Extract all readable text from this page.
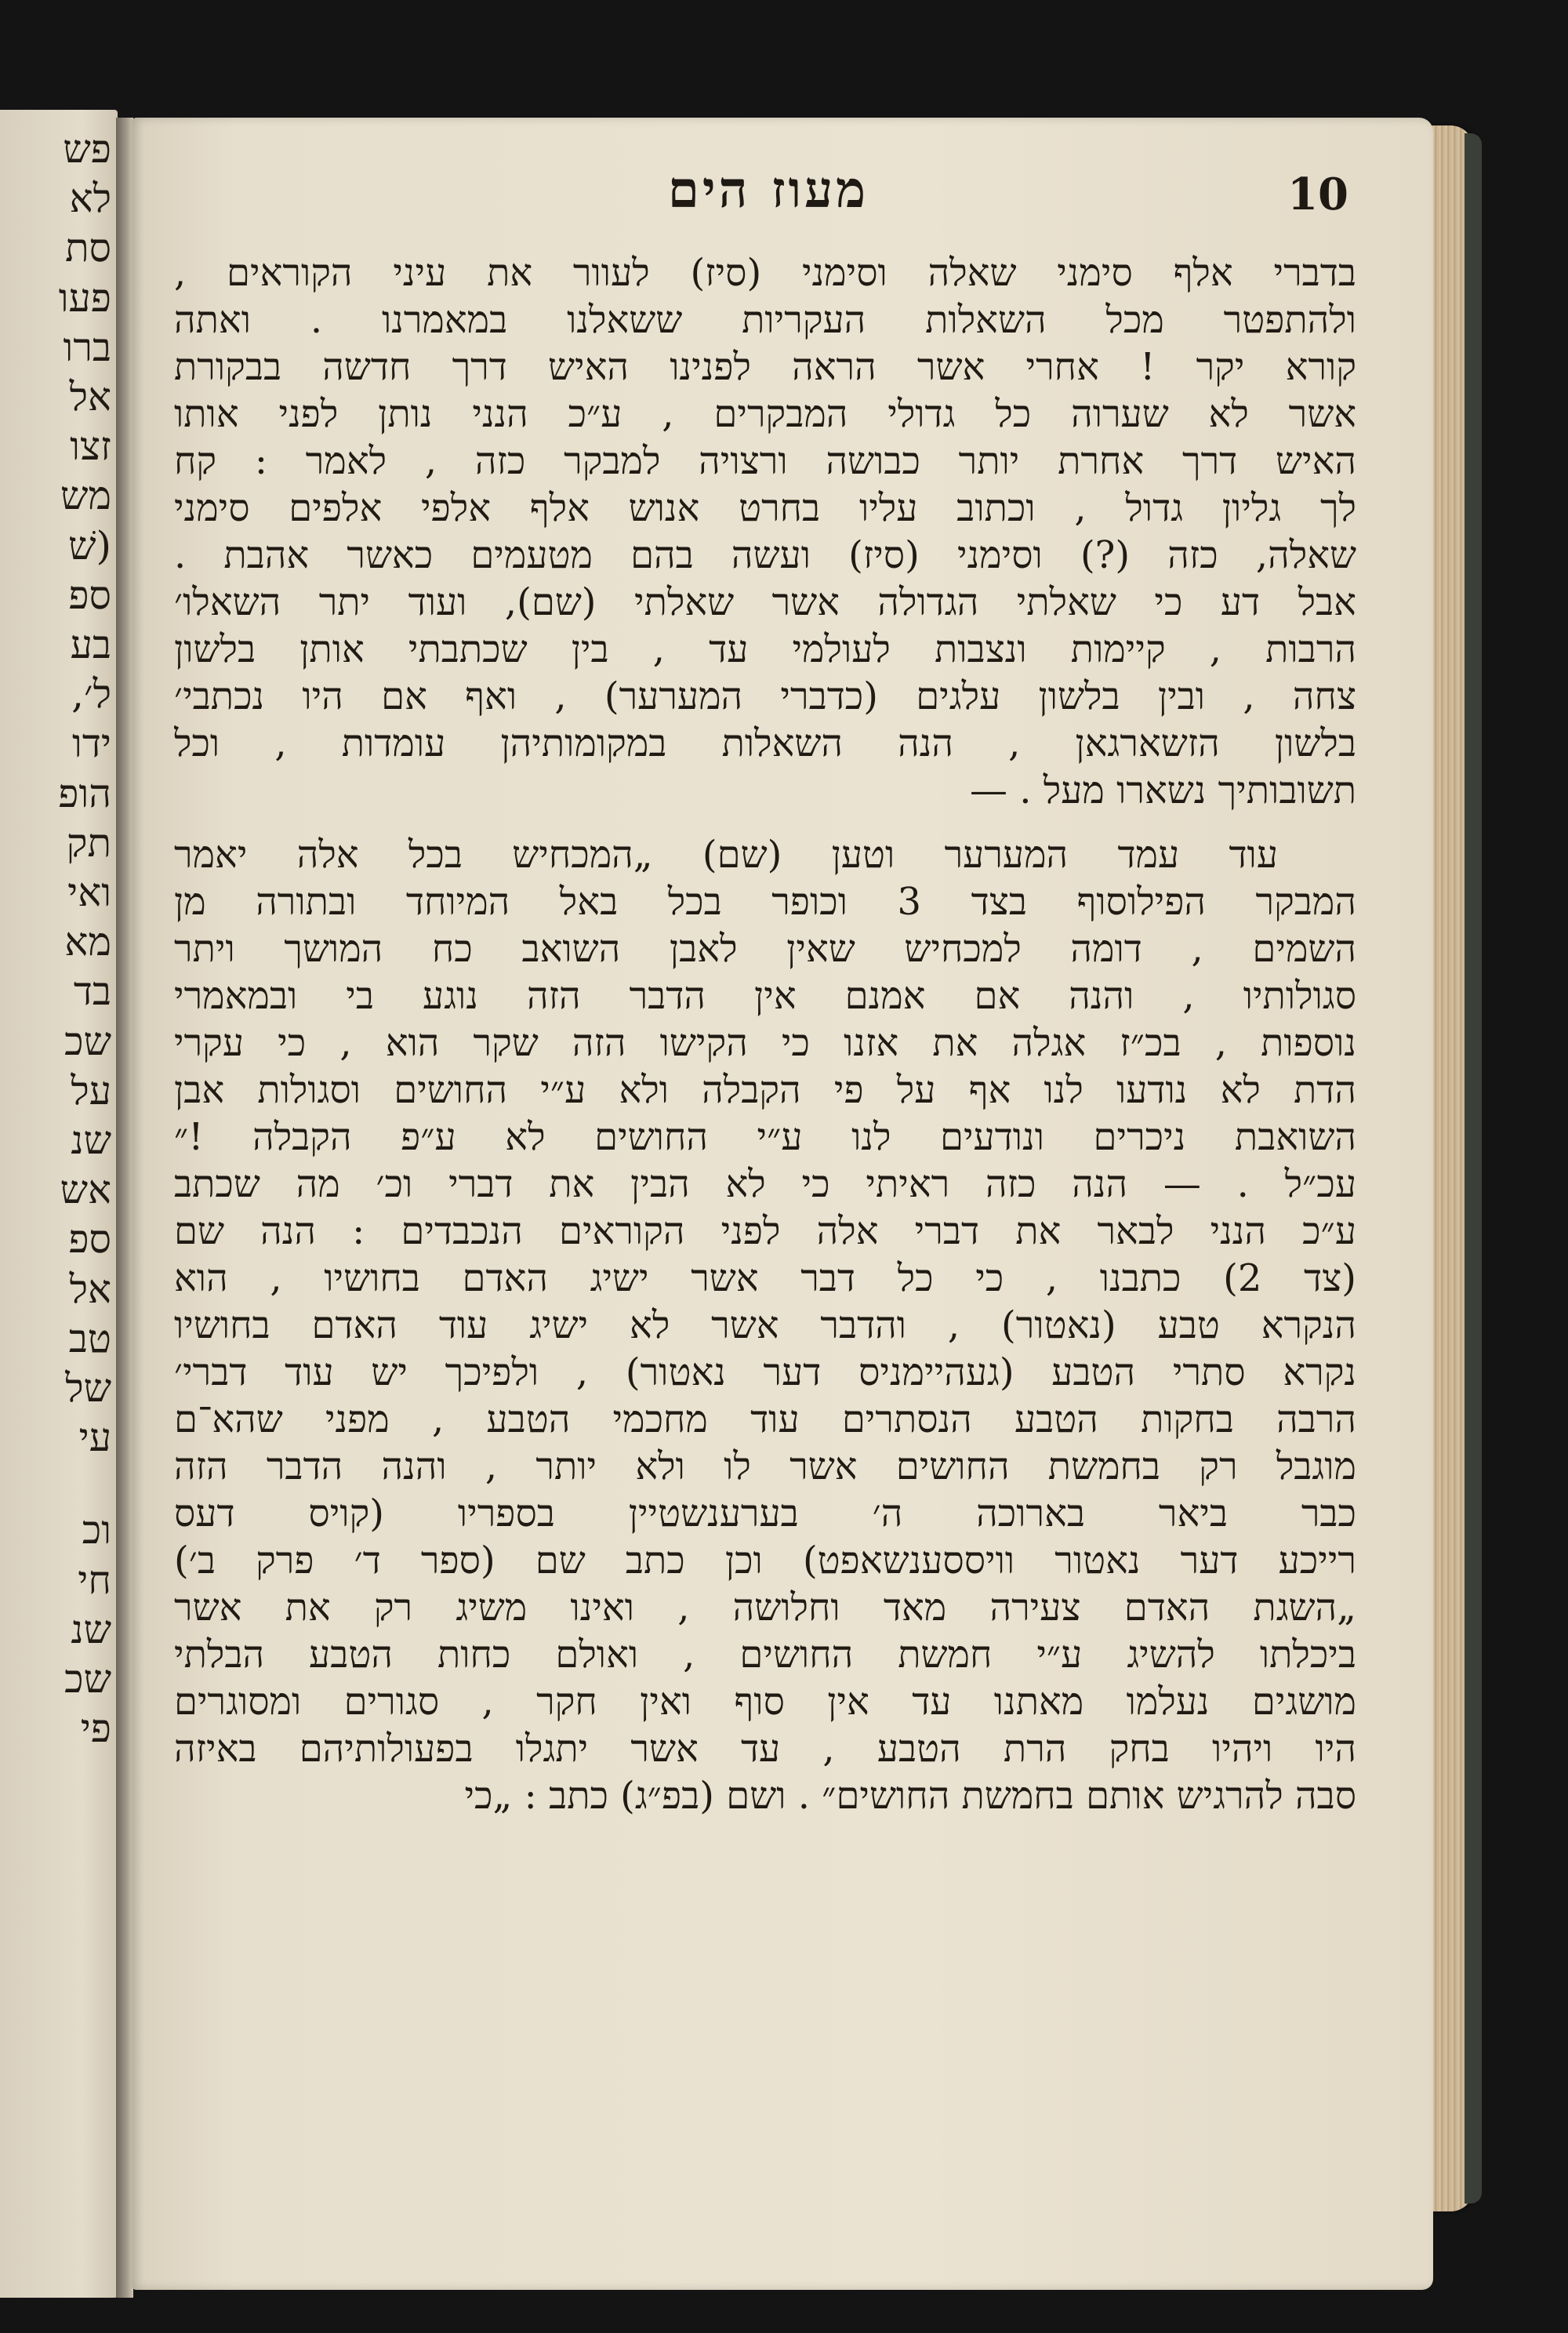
פש
לא
סת
פעו
ברו
אל
זצו
מש
(שׁ
ספ
בע
ל׳,
ידו
הופ
תק
ואי
מא
בד
שכ
על
שנ
אש
ספ
אל
טב
של
עי
וכ
חי
שנ
שכ
פי
מעוז הים	10
בדברי אלף סימני שאלה וסימני (סיז) לעוור את עיני הקוראים ,
ולהתפטר מכל השאלות העקריות ששאלנו במאמרנו . ואתה
קורא יקר ! אחרי אשר הראה לפנינו האיש דרך חדשה בבקורת
אשר לא שערוה כל גדולי המבקרים , ע״כ הנני נותן לפני אותו
האיש דרך אחרת יותר כבושה ורצויה למבקר כזה , לאמר : קח
לך גליון גדול , וכתוב עליו בחרט אנוש אלף אלפי אלפים סימני
שאלה, כזה (?) וסימני (סיז) ועשה בהם מטעמים כאשר אהבת .
אבל דע כי שאלתי הגדולה אשר שאלתי (שם), ועוד יתר השאלו׳
הרבות , קיימות ונצבות לעולמי עד , בין שכתבתי אותן בלשון
צחה , ובין בלשון עלגים (כדברי המערער) , ואף אם היו נכתבי׳
בלשון הזשארגאן , הנה השאלות במקומותיהן עומדות , וכל
תשובותיך נשארו מעל . —
עוד עמד המערער וטען (שם) „המכחיש בכל אלה יאמר
המבקר הפילוסוף בצד 3 וכופר בכל באל המיוחד ובתורה מן
השמים , דומה למכחיש שאין לאבן השואב כח המושך ויתר
סגולותיו , והנה אם אמנם אין הדבר הזה נוגע בי ובמאמרי
נוספות , בכ״ז אגלה את אזנו כי הקישו הזה שקר הוא , כי עקרי
הדת לא נודעו לנו אף על פי הקבלה ולא ע״י החושים וסגולות אבן
השואבת ניכרים ונודעים לנו ע״י החושים לא ע״פ הקבלה !״
עכ״ל . — הנה כזה ראיתי כי לא הבין את דברי וכ׳ מה שכתב
ע״כ הנני לבאר את דברי אלה לפני הקוראים הנכבדים : הנה שם
(צד 2) כתבנו , כי כל דבר אשר ישיג האדם בחושיו , הוא
הנקרא טבע (נאטור) , והדבר אשר לא ישיג עוד האדם בחושיו
נקרא סתרי הטבע (געהיימניס דער נאטור) , ולפיכך יש עוד דברי׳
הרבה בחקות הטבע הנסתרים עוד מחכמי הטבע , מפני שהא־ם
מוגבל רק בחמשת החושים אשר לו ולא יותר , והנה הדבר הזה
כבר ביאר בארוכה ה׳ בערענשטיין בספריו (קויס דעס
רייכע דער נאטור וויססענשאפט) וכן כתב שם (ספר ד׳ פרק ב׳)
„השגת האדם צעירה מאד וחלושה , ואינו משיג רק את אשר
ביכלתו להשיג ע״י חמשת החושים , ואולם כחות הטבע הבלתי
מושגים נעלמו מאתנו עד אין סוף ואין חקר , סגורים ומסוגרים
היו ויהיו בחק הרת הטבע , עד אשר יתגלו בפעולותיהם באיזה
סבה להרגיש אותם בחמשת החושים״ . ושם (בפ״ג) כתב : „כי
